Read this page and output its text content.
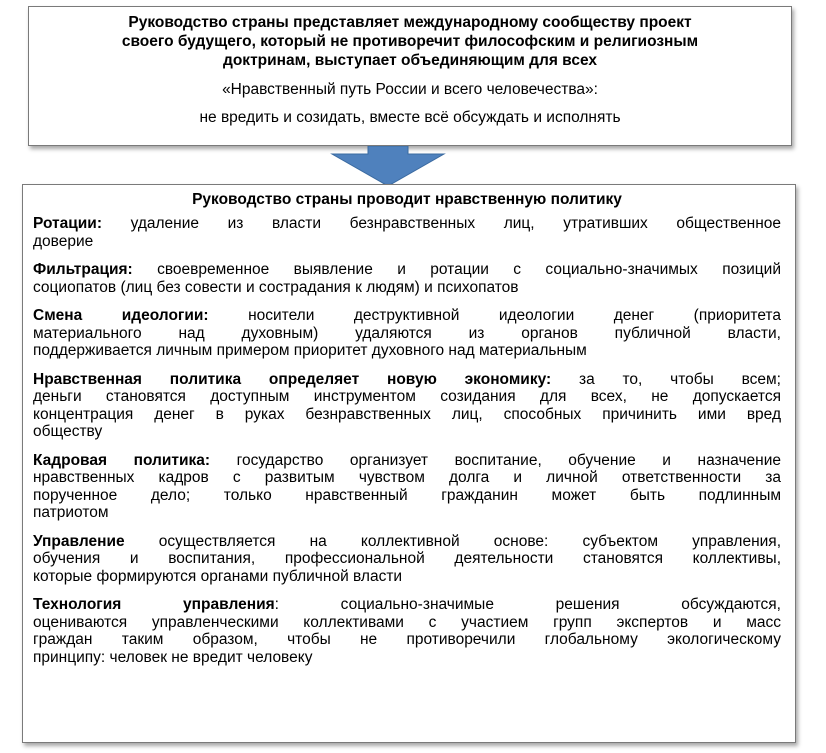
Руководство страны представляет международному сообществу проект
своего будущего, который не противоречит философским и религиозным
доктринам, выступает объединяющим для всех

«Нравственный путь России и всего человечества»:

не вредить и созидать, вместе всё обсуждать и исполнять

Руководство страны проводит нравственную политику
Ротации: удаление из власти безнравственных лиц, утративших общественное
доверие
Фильтрация: своевременное выявление и ротации с социально-значимых позиций
социопатов (лиц без совести и сострадания к людям) и психопатов
Смена идеологии: носители деструктивной идеологии денег (приоритета
материального над духовным) удаляются из органов публичной власти,
поддерживается личным примером приоритет духовного над материальным
Нравственная политика определяет новую экономику: за то, чтобы всем;
деньги становятся доступным инструментом созидания для всех, не допускается
концентрация денег в руках безнравственных лиц, способных причинить ими вред
обществу
Кадровая политика: государство организует воспитание, обучение и назначение
нравственных кадров с развитым чувством долга и личной ответственности за
порученное дело; только нравственный гражданин может быть подлинным
патриотом
Управление осуществляется на коллективной основе: субъектом управления,
обучения и воспитания, профессиональной деятельности становятся коллективы,
которые формируются органами публичной власти
Технология управления: социально-значимые решения обсуждаются,
оцениваются управленческими коллективами с участием групп экспертов и масс
граждан таким образом, чтобы не противоречили глобальному экологическому
принципу: человек не вредит человеку
